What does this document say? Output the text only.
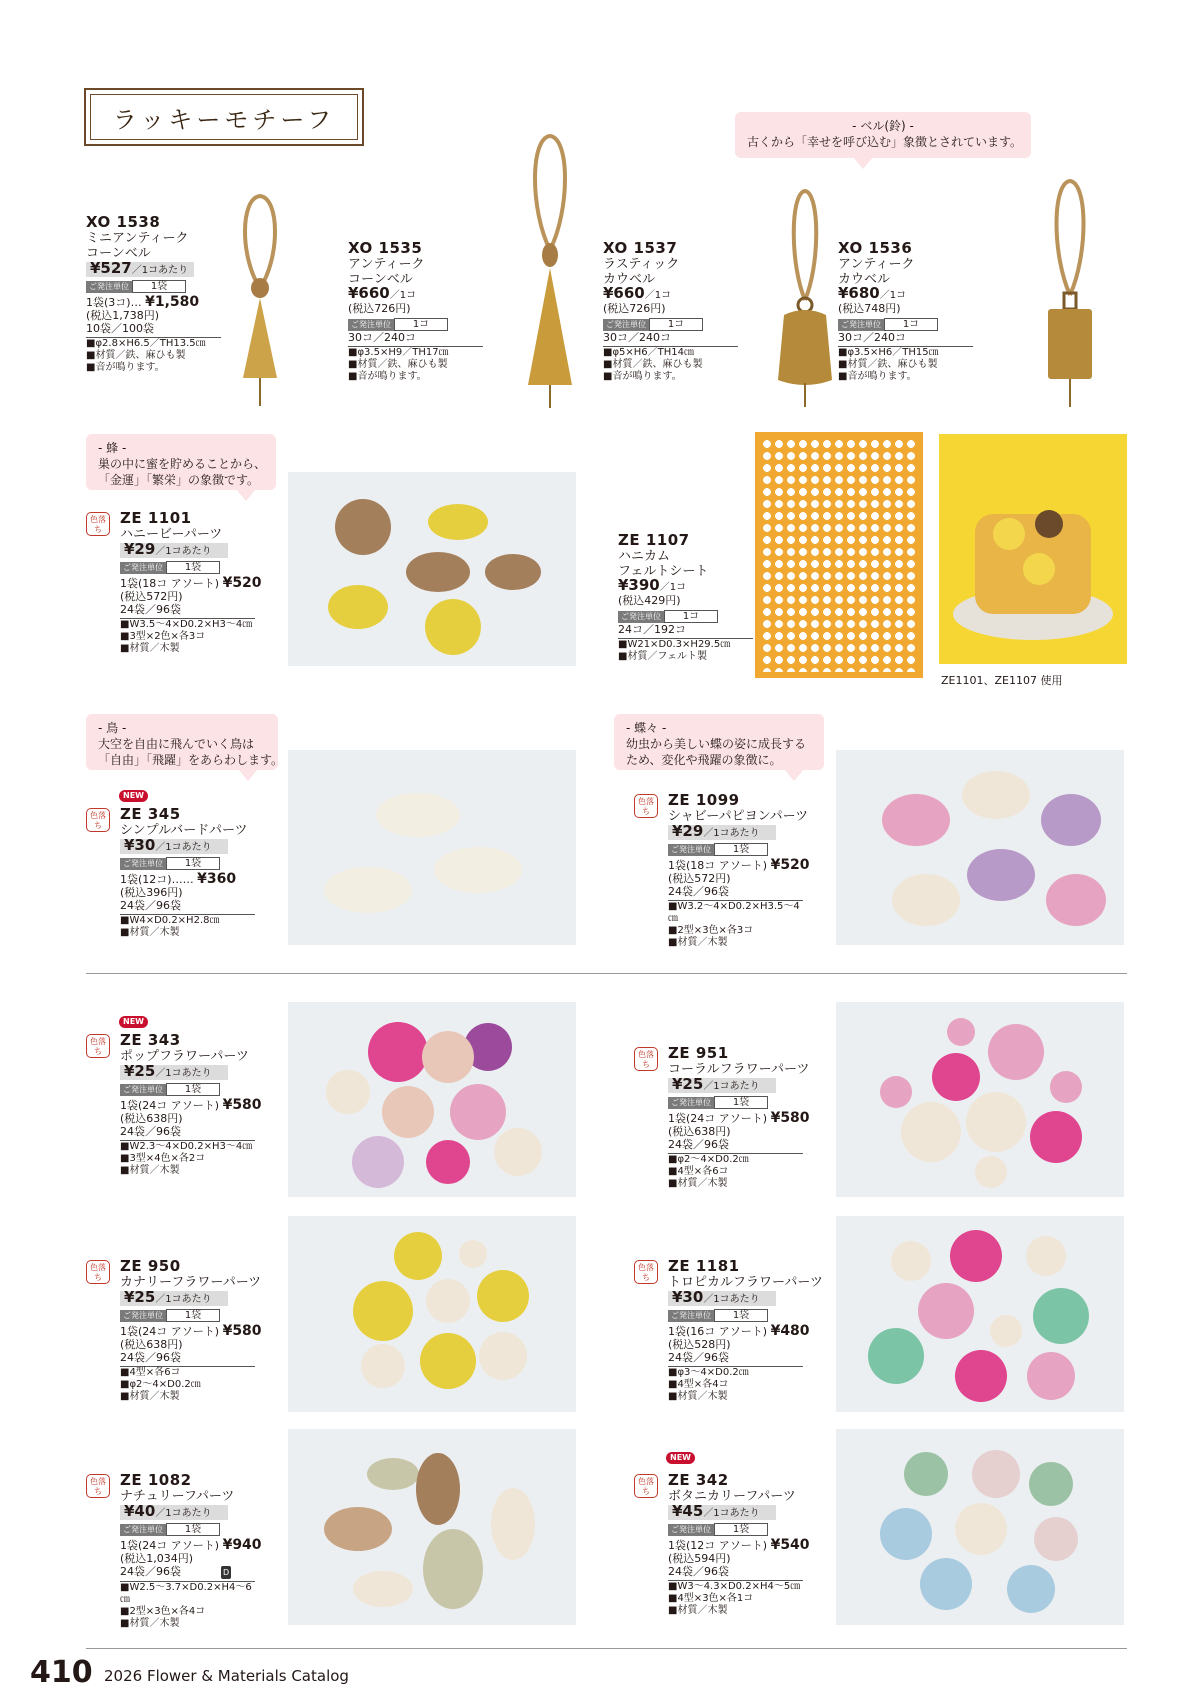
ラッキーモチーフ	- ベル(鈴) -
古くから「幸せを呼び込む」象徴とされています。
XO 1538
ミニアンティーク
コーンベル
¥527／1コあたり
ご発注単位	1袋
1袋(3コ)… ¥1,580
(税込1,738円)
10袋／100袋
■φ2.8×H6.5／TH13.5㎝
■材質／鉄、麻ひも製
■音が鳴ります。
XO 1535
アンティーク
コーンベル
¥660／1コ
(税込726円)
ご発注単位	1コ
30コ／240コ
■φ3.5×H9／TH17㎝
■材質／鉄、麻ひも製
■音が鳴ります。
XO 1537
ラスティック
カウベル
¥660／1コ
(税込726円)
ご発注単位	1コ
30コ／240コ
■φ5×H6／TH14㎝
■材質／鉄、麻ひも製
■音が鳴ります。
XO 1536
アンティーク
カウベル
¥680／1コ
(税込748円)
ご発注単位	1コ
30コ／240コ
■φ3.5×H6／TH15㎝
■材質／鉄、麻ひも製
■音が鳴ります。
- 蜂 -
巣の中に蜜を貯めることから、
「金運」「繁栄」の象徴です。
色落ち
ZE 1101
ハニービーパーツ
¥29／1コあたり
ご発注単位	1袋
1袋(18コ アソート) ¥520
(税込572円)
24袋／96袋
■W3.5～4×D0.2×H3～4㎝
■3型×2色×各3コ
■材質／木製
ZE 1107
ハニカム
フェルトシート
¥390／1コ
(税込429円)
ご発注単位	1コ
24コ／192コ
■W21×D0.3×H29.5㎝
■材質／フェルト製
ZE1101、ZE1107 使用
- 鳥 -
大空を自由に飛んでいく鳥は
「自由」「飛躍」をあらわします。
NEW
色落ち
ZE 345
シンプルバードパーツ
¥30／1コあたり
ご発注単位	1袋
1袋(12コ)…… ¥360
(税込396円)
24袋／96袋
■W4×D0.2×H2.8㎝
■材質／木製
- 蝶々 -
幼虫から美しい蝶の姿に成長する
ため、変化や飛躍の象徴に。
色落ち
ZE 1099
シャビーパピヨンパーツ
¥29／1コあたり
ご発注単位	1袋
1袋(18コ アソート) ¥520
(税込572円)
24袋／96袋
■W3.2～4×D0.2×H3.5～4㎝
■2型×3色×各3コ
■材質／木製
NEW
色落ち
ZE 343
ポップフラワーパーツ
¥25／1コあたり
ご発注単位	1袋
1袋(24コ アソート) ¥580
(税込638円)
24袋／96袋
■W2.3～4×D0.2×H3～4㎝
■3型×4色×各2コ
■材質／木製
色落ち
ZE 951
コーラルフラワーパーツ
¥25／1コあたり
ご発注単位	1袋
1袋(24コ アソート) ¥580
(税込638円)
24袋／96袋
■φ2～4×D0.2㎝
■4型×各6コ
■材質／木製
色落ち
ZE 950
カナリーフラワーパーツ
¥25／1コあたり
ご発注単位	1袋
1袋(24コ アソート) ¥580
(税込638円)
24袋／96袋
■4型×各6コ
■φ2～4×D0.2㎝
■材質／木製
色落ち
ZE 1181
トロピカルフラワーパーツ
¥30／1コあたり
ご発注単位	1袋
1袋(16コ アソート) ¥480
(税込528円)
24袋／96袋
■φ3～4×D0.2㎝
■4型×各4コ
■材質／木製
色落ち
ZE 1082
ナチュリーフパーツ
¥40／1コあたり
ご発注単位	1袋
1袋(24コ アソート) ¥940
(税込1,034円)
24袋／96袋	D
■W2.5～3.7×D0.2×H4～6㎝
■2型×3色×各4コ
■材質／木製
NEW
色落ち
ZE 342
ボタニカリーフパーツ
¥45／1コあたり
ご発注単位	1袋
1袋(12コ アソート) ¥540
(税込594円)
24袋／96袋
■W3～4.3×D0.2×H4～5㎝
■4型×3色×各1コ
■材質／木製
410 2026 Flower & Materials Catalog
